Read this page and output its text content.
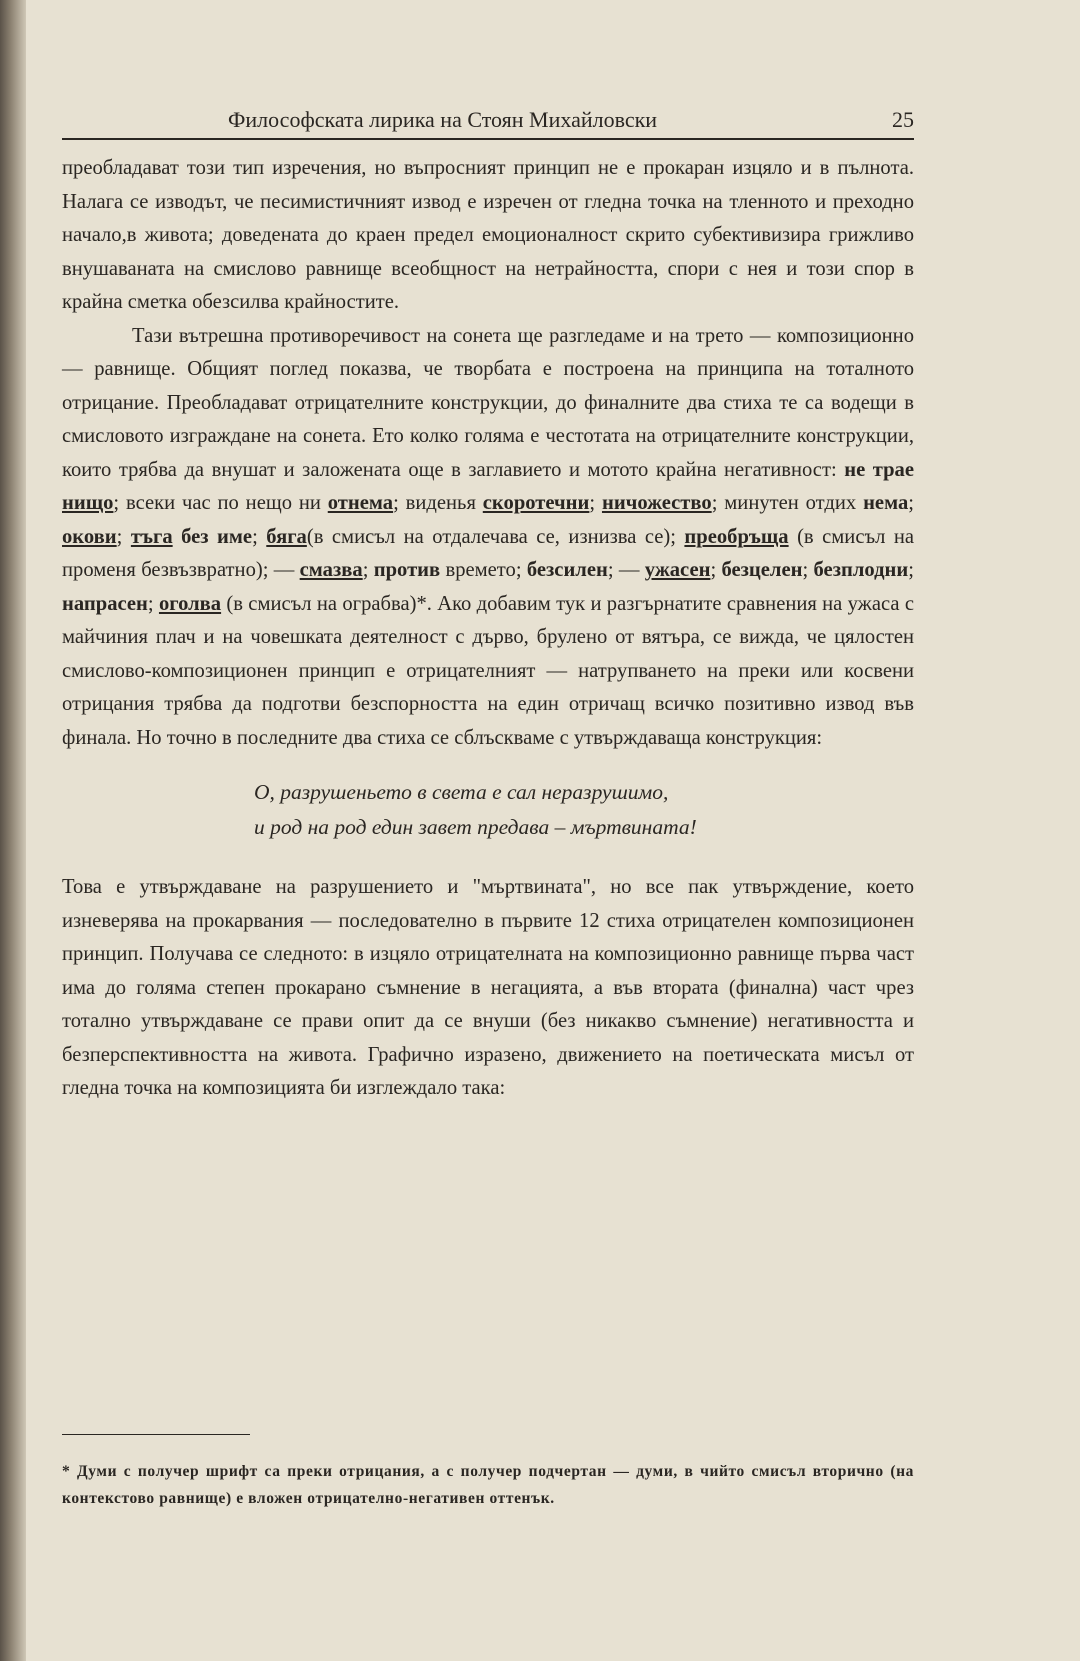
Философската лирика на Стоян Михайловски	25

преобладават този тип изречения, но въпросният принцип не е прокаран изцяло и в пълнота. Налага се изводът, че песимистичният извод е изречен от гледна точка на тленното и преходно начало,в живота; доведената до краен предел емоционалност скрито субективизира грижливо внушаваната на смислово равнище всеобщност на нетрайността, спори с нея и този спор в крайна сметка обезсилва крайностите.

Тази вътрешна противоречивост на сонета ще разгледаме и на трето — композиционно — равнище. Общият поглед показва, че творбата е построена на принципа на тоталното отрицание. Преобладават отрицателните конструкции, до финалните два стиха те са водещи в смисловото изграждане на сонета. Ето колко голяма е честотата на отрицателните конструкции, които трябва да внушат и заложената още в заглавието и мотото крайна негативност: не трае нищо; всеки час по нещо ни отнема; виденья скоротечни; ничожество; минутен отдих нема; окови; тъга без име; бяга(в смисъл на отдалечава се, изнизва се); преобръща (в смисъл на променя безвъзвратно); — смазва; против времето; безсилен; — ужасен; безцелен; безплодни; напрасен; оголва (в смисъл на ограбва)*. Ако добавим тук и разгърнатите сравнения на ужаса с майчиния плач и на човешката деятелност с дърво, брулено от вятъра, се вижда, че цялостен смислово-композиционен принцип е отрицателният — натрупването на преки или косвени отрицания трябва да подготви безспорността на един отричащ всичко позитивно извод във финала. Но точно в последните два стиха се сблъскваме с утвърждаваща конструкция:

О, разрушеньето в света е сал неразрушимо,
и род на род един завет предава – мъртвината!

Това е утвърждаване на разрушението и "мъртвината", но все пак утвърждение, което изневерява на прокарвания — последователно в първите 12 стиха отрицателен композиционен принцип. Получава се следното: в изцяло отрицателната на композиционно равнище първа част има до голяма степен прокарано съмнение в негацията, а във втората (финална) част чрез тотално утвърждаване се прави опит да се внуши (без никакво съмнение) негативността и безперспективността на живота. Графично изразено, движението на поетическата мисъл от гледна точка на композицията би изглеждало така:

* Думи с получер шрифт са преки отрицания, а с получер подчертан — думи, в чийто смисъл вторично (на контекстово равнище) е вложен отрицателно-негативен оттенък.
